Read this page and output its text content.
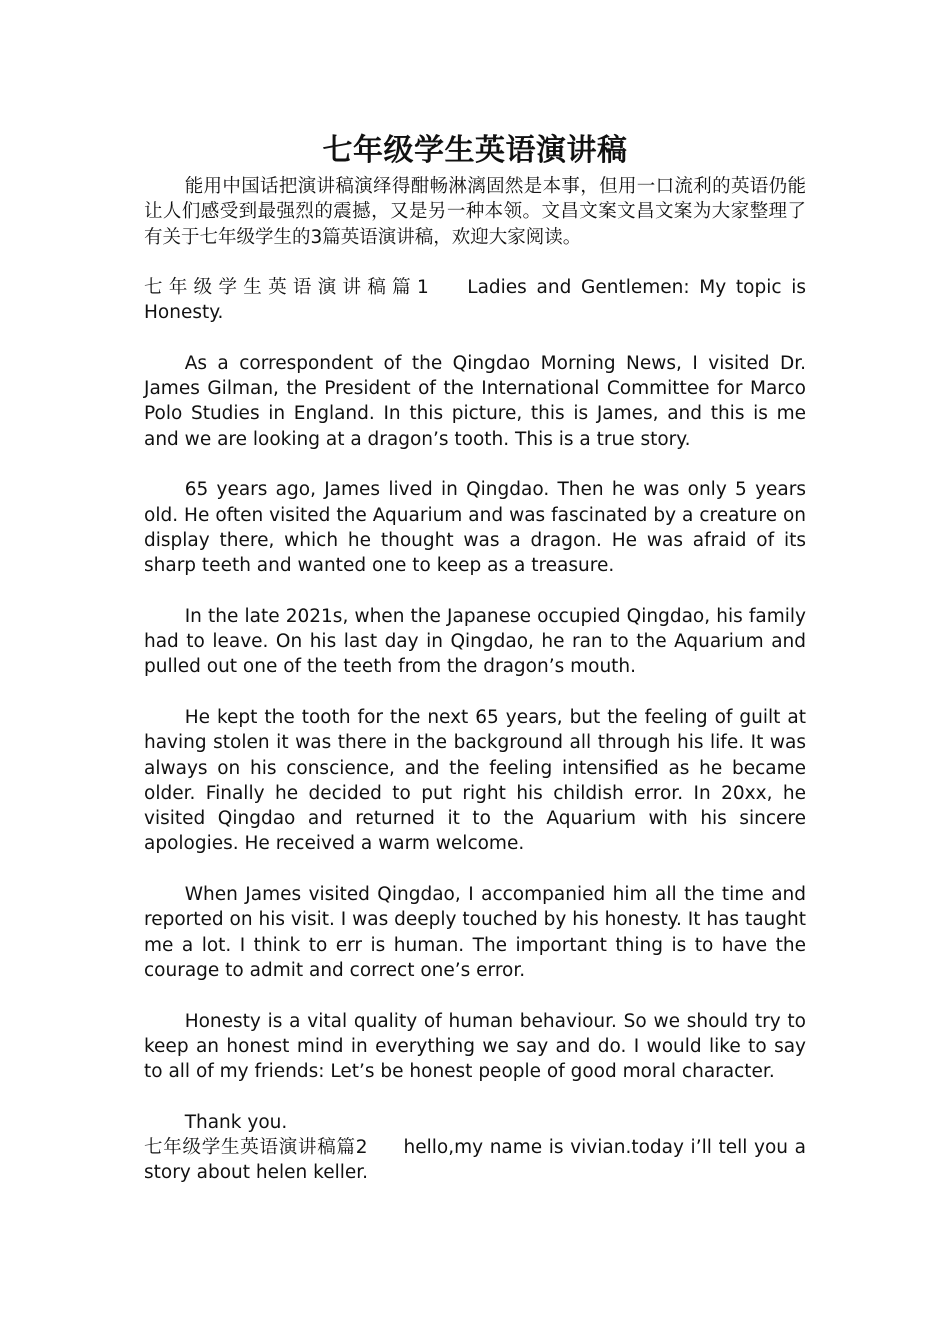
七年级学生英语演讲稿

能用中国话把演讲稿演绎得酣畅淋漓固然是本事，但用一口流利的英语仍能让人们感受到最强烈的震撼，又是另一种本领。文昌文案文昌文案为大家整理了有关于七年级学生的3篇英语演讲稿，欢迎大家阅读。

七年级学生英语演讲稿篇1 Ladies and Gentlemen: My topic is Honesty.

As a correspondent of the Qingdao Morning News, I visited Dr. James Gilman, the President of the International Committee for Marco Polo Studies in England. In this picture, this is James, and this is me and we are looking at a dragon’s tooth. This is a true story.

65 years ago, James lived in Qingdao. Then he was only 5 years old. He often visited the Aquarium and was fascinated by a creature on display there, which he thought was a dragon. He was afraid of its sharp teeth and wanted one to keep as a treasure.

In the late 2021s, when the Japanese occupied Qingdao, his family had to leave. On his last day in Qingdao, he ran to the Aquarium and pulled out one of the teeth from the dragon’s mouth.

He kept the tooth for the next 65 years, but the feeling of guilt at having stolen it was there in the background all through his life. It was always on his conscience, and the feeling intensified as he became older. Finally he decided to put right his childish error. In 20xx, he visited Qingdao and returned it to the Aquarium with his sincere apologies. He received a warm welcome.

When James visited Qingdao, I accompanied him all the time and reported on his visit. I was deeply touched by his honesty. It has taught me a lot. I think to err is human. The important thing is to have the courage to admit and correct one’s error.

Honesty is a vital quality of human behaviour. So we should try to keep an honest mind in everything we say and do. I would like to say to all of my friends: Let’s be honest people of good moral character.

Thank you.

七年级学生英语演讲稿篇2 hello,my name is vivian.today i’ll tell you a story about helen keller.
